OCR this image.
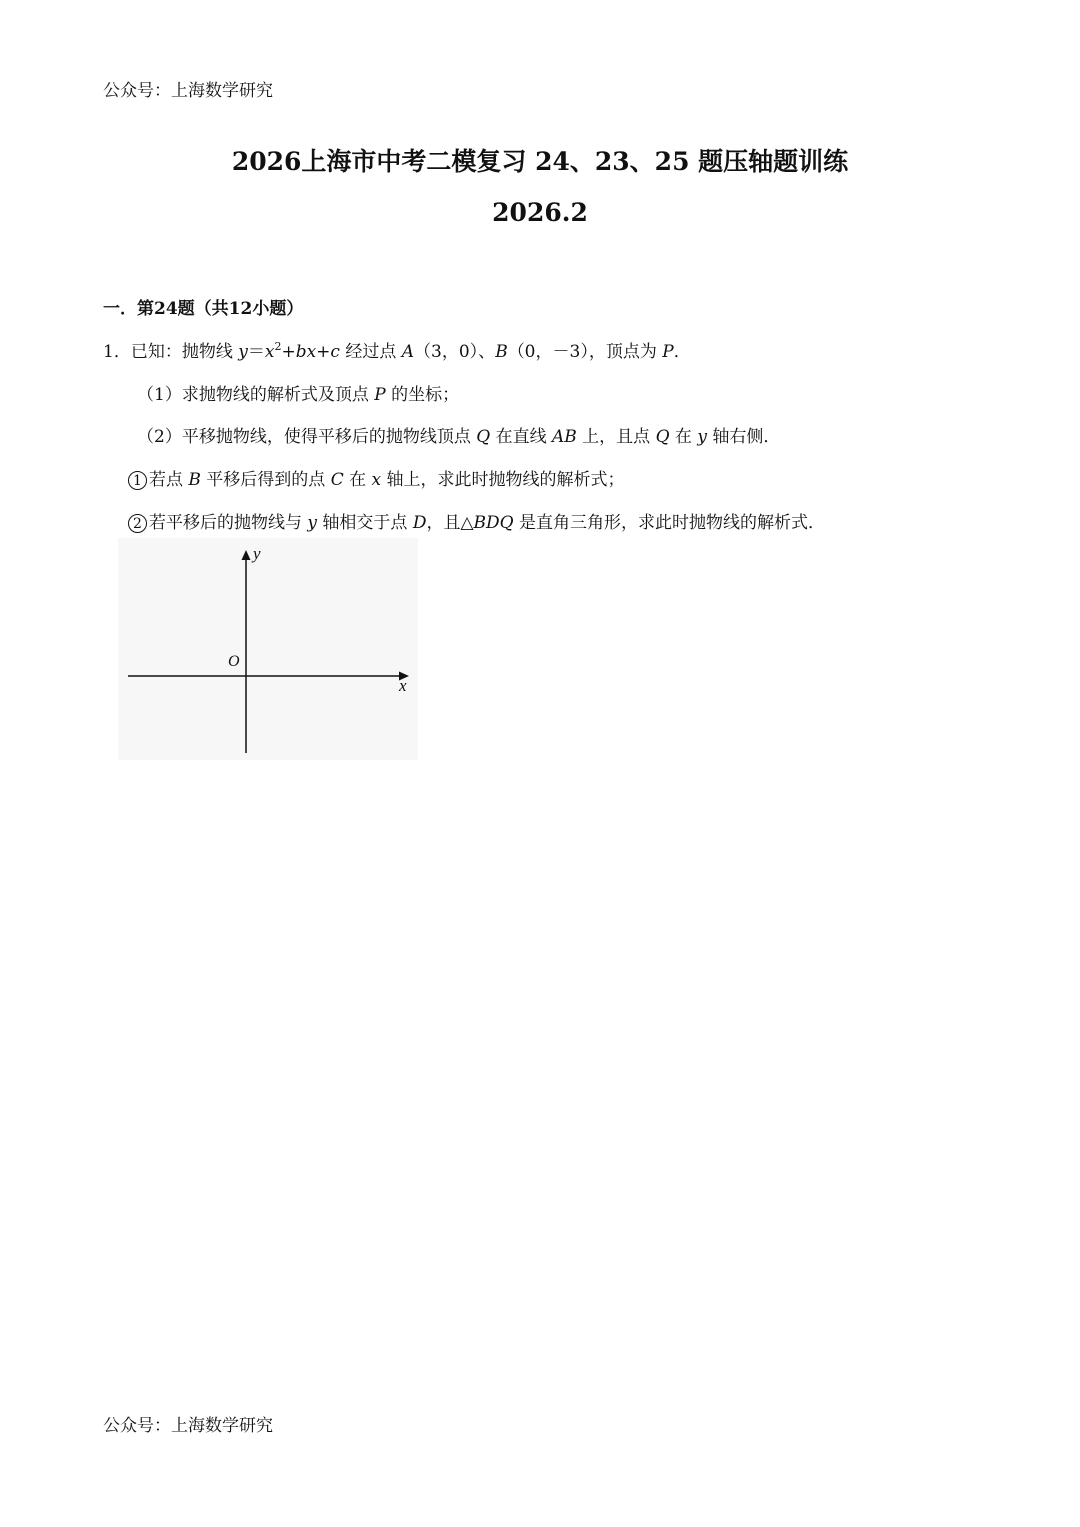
公众号：上海数学研究
2026上海市中考二模复习 24、23、25 题压轴题训练
2026.2
一．第24题（共12小题）
1．已知：抛物线 $y=x^2+bx+c$ 经过点 A（3，0）、B（0，－3），顶点为 P．
（1）求抛物线的解析式及顶点 P 的坐标；
（2）平移抛物线，使得平移后的抛物线顶点 Q 在直线 AB 上，且点 Q 在 y 轴右侧．
1 若点 B 平移后得到的点 C 在 x 轴上，求此时抛物线的解析式；
2 若平移后的抛物线与 y 轴相交于点 D，且△BDQ 是直角三角形，求此时抛物线的解析式．
y
x
O
公众号：上海数学研究
